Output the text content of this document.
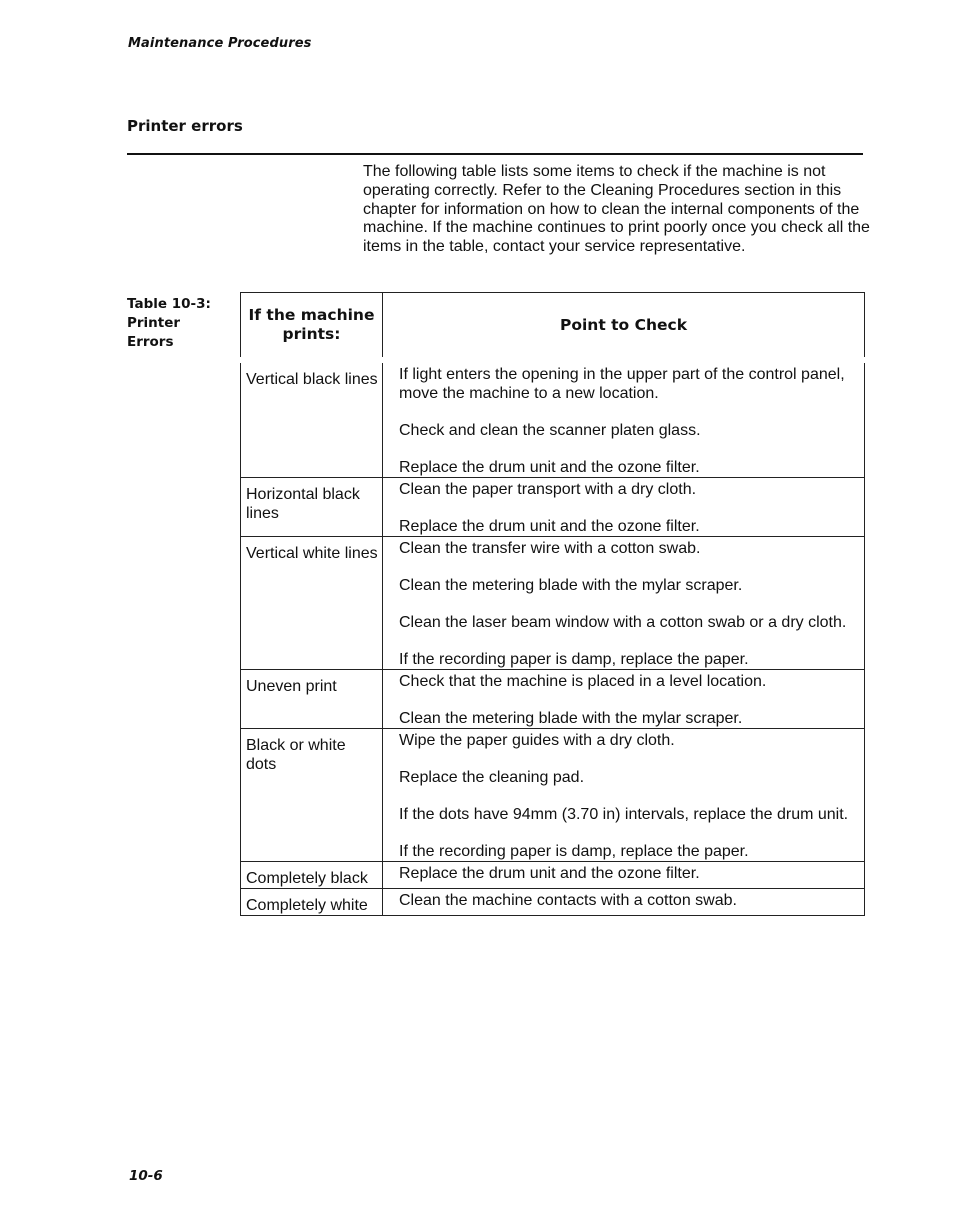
Maintenance Procedures
Printer errors
The following table lists some items to check if the machine is not operating correctly. Refer to the Cleaning Procedures section in this chapter for information on how to clean the internal components of the machine. If the machine continues to print poorly once you check all the items in the table, contact your service representative.
Table 10-3:
Printer
Errors
If the machine prints:	Point to Check
Vertical black lines	If light enters the opening in the upper part of the control panel, move the machine to a new location.
Check and clean the scanner platen glass.
Replace the drum unit and the ozone filter.

Horizontal black lines	Clean the paper transport with a dry cloth.
Replace the drum unit and the ozone filter.

Vertical white lines	Clean the transfer wire with a cotton swab.
Clean the metering blade with the mylar scraper.
Clean the laser beam window with a cotton swab or a dry cloth.
If the recording paper is damp, replace the paper.

Uneven print	Check that the machine is placed in a level location.
Clean the metering blade with the mylar scraper.

Black or white dots	Wipe the paper guides with a dry cloth.
Replace the cleaning pad.
If the dots have 94mm (3.70 in) intervals, replace the drum unit.
If the recording paper is damp, replace the paper.

Completely black	Replace the drum unit and the ozone filter.

Completely white	Clean the machine contacts with a cotton swab.
10-6
